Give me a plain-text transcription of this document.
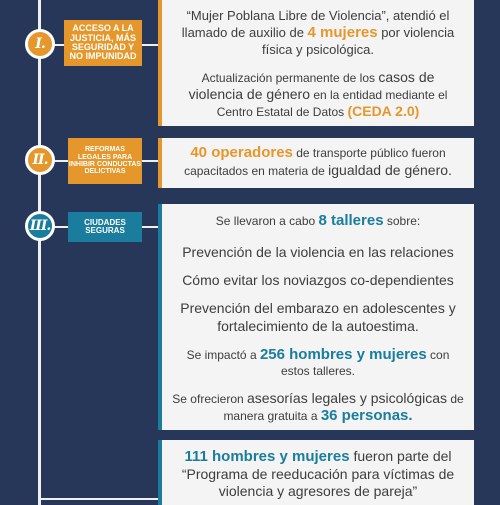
I.
ACCESO A LA JUSTICIA, MÁS SEGURIDAD Y NO IMPUNIDAD

“Mujer Poblana Libre de Violencia”, atendió el llamado de auxilio de 4 mujeres por violencia física y psicológica.

Actualización permanente de los casos de violencia de género en la entidad mediante el Centro Estatal de Datos (CEDA 2.0)

II.
REFORMAS LEGALES PARA INHIBIR CONDUCTAS DELICTIVAS

40 operadores de transporte público fueron capacitados en materia de igualdad de género.

III.	CIUDADES SEGURAS

Se llevaron a cabo 8 talleres sobre:

Prevención de la violencia en las relaciones

Cómo evitar los noviazgos co-dependientes

Prevención del embarazo en adolescentes y fortalecimiento de la autoestima.

Se impactó a 256 hombres y mujeres con estos talleres.

Se ofrecieron asesorías legales y psicológicas de manera gratuita a 36 personas.

111 hombres y mujeres fueron parte del

“Programa de reeducación para víctimas de violencia y agresores de pareja”
